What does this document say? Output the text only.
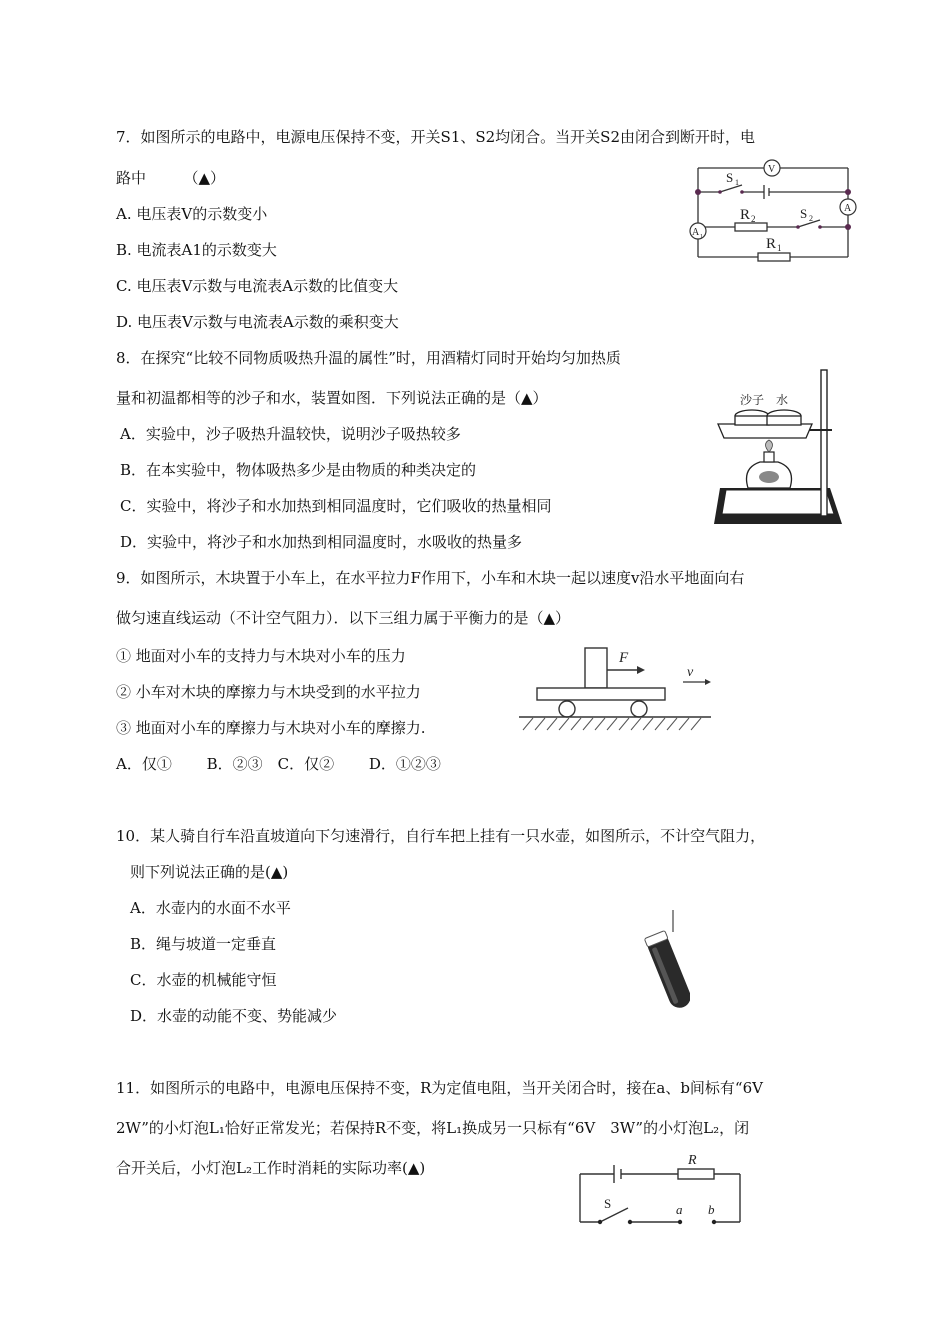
7．如图所示的电路中，电源电压保持不变，开关S1、S2均闭合。当开关S2由闭合到断开时，电
路中　　　（▲）
A. 电压表V的示数变小
B. 电流表A1的示数变大
C. 电压表V示数与电流表A示数的比值变大
D. 电压表V示数与电流表A示数的乘积变大
V
A
A 1
S 1
R 2	S 2
R 1
8．在探究“比较不同物质吸热升温的属性”时，用酒精灯同时开始均匀加热质
量和初温都相等的沙子和水，装置如图．下列说法正确的是（▲）
A．实验中，沙子吸热升温较快，说明沙子吸热较多
B．在本实验中，物体吸热多少是由物质的种类决定的
C．实验中，将沙子和水加热到相同温度时，它们吸收的热量相同
D．实验中，将沙子和水加热到相同温度时，水吸收的热量多
沙子 水
9．如图所示，木块置于小车上，在水平拉力F作用下，小车和木块一起以速度v沿水平地面向右
做匀速直线运动（不计空气阻力）．以下三组力属于平衡力的是（▲）
① 地面对小车的支持力与木块对小车的压力
② 小车对木块的摩擦力与木块受到的水平拉力
③ 地面对小车的摩擦力与木块对小车的摩擦力.
A．仅①　　 B．②③　C．仅②　　 D．①②③
F
v
10．某人骑自行车沿直坡道向下匀速滑行，自行车把上挂有一只水壶，如图所示，不计空气阻力，
则下列说法正确的是(▲)
A．水壶内的水面不水平
B．绳与坡道一定垂直
C．水壶的机械能守恒
D．水壶的动能不变、势能减少
11．如图所示的电路中，电源电压保持不变，R为定值电阻，当开关闭合时，接在a、b间标有“6V
2W”的小灯泡L₁恰好正常发光；若保持R不变，将L₁换成另一只标有“6V　3W”的小灯泡L₂，闭
合开关后，小灯泡L₂工作时消耗的实际功率(▲)	R
S	a b
